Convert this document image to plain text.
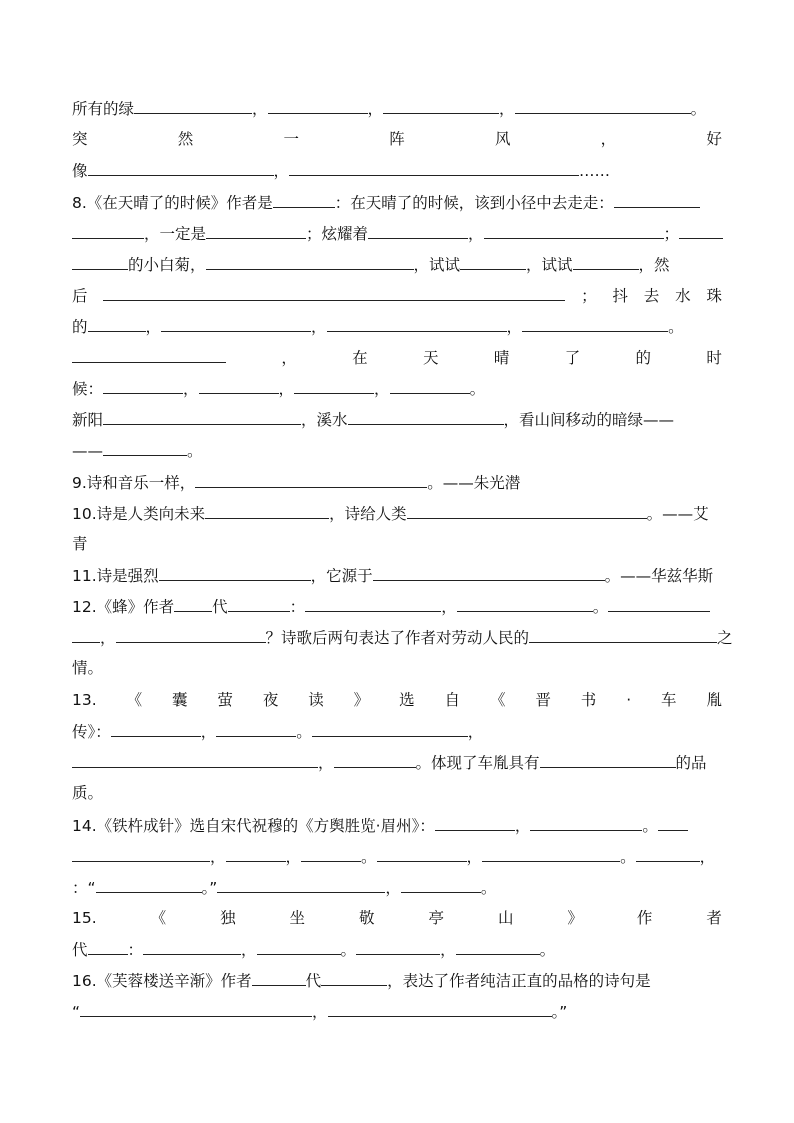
所有的绿	，	，	，	。
突	然	一	阵	风	，	好
像	，	……
8.《在天晴了的时候》作者是	：在天晴了的时候，该到小径中去走走：
，一定是	；炫耀着	，	；
的小白菊，	，试试	，试试	，然
后	； 抖 去 水 珠
的	，	，	，	。
，	在	天	晴	了	的	时
候：	，	，	，	。
新阳	，溪水	，看山间移动的暗绿——
——	。
9.诗和音乐一样，	。——朱光潜
10.诗是人类向未来	，诗给人类	。——艾
青
11.诗是强烈	，它源于	。——华兹华斯
12.《蜂》作者 代	：	，	。
，	？诗歌后两句表达了作者对劳动人民的	之
情。
13. 《 囊 萤 夜 读 》 选 自 《 晋 书 · 车 胤
传》：	，	。	，
，	。体现了车胤具有	的品
质。
14.《铁杵成针》选自宋代祝穆的《方舆胜览·眉州》：	，	。
，	，	。	，	。	，
：“	。”	，	。
15.	《	独	坐	敬	亭	山	》	作	者
代	：	，	。	，	。
16.《芙蓉楼送辛渐》作者	代	，表达了作者纯洁正直的品格的诗句是
“	，	。”
